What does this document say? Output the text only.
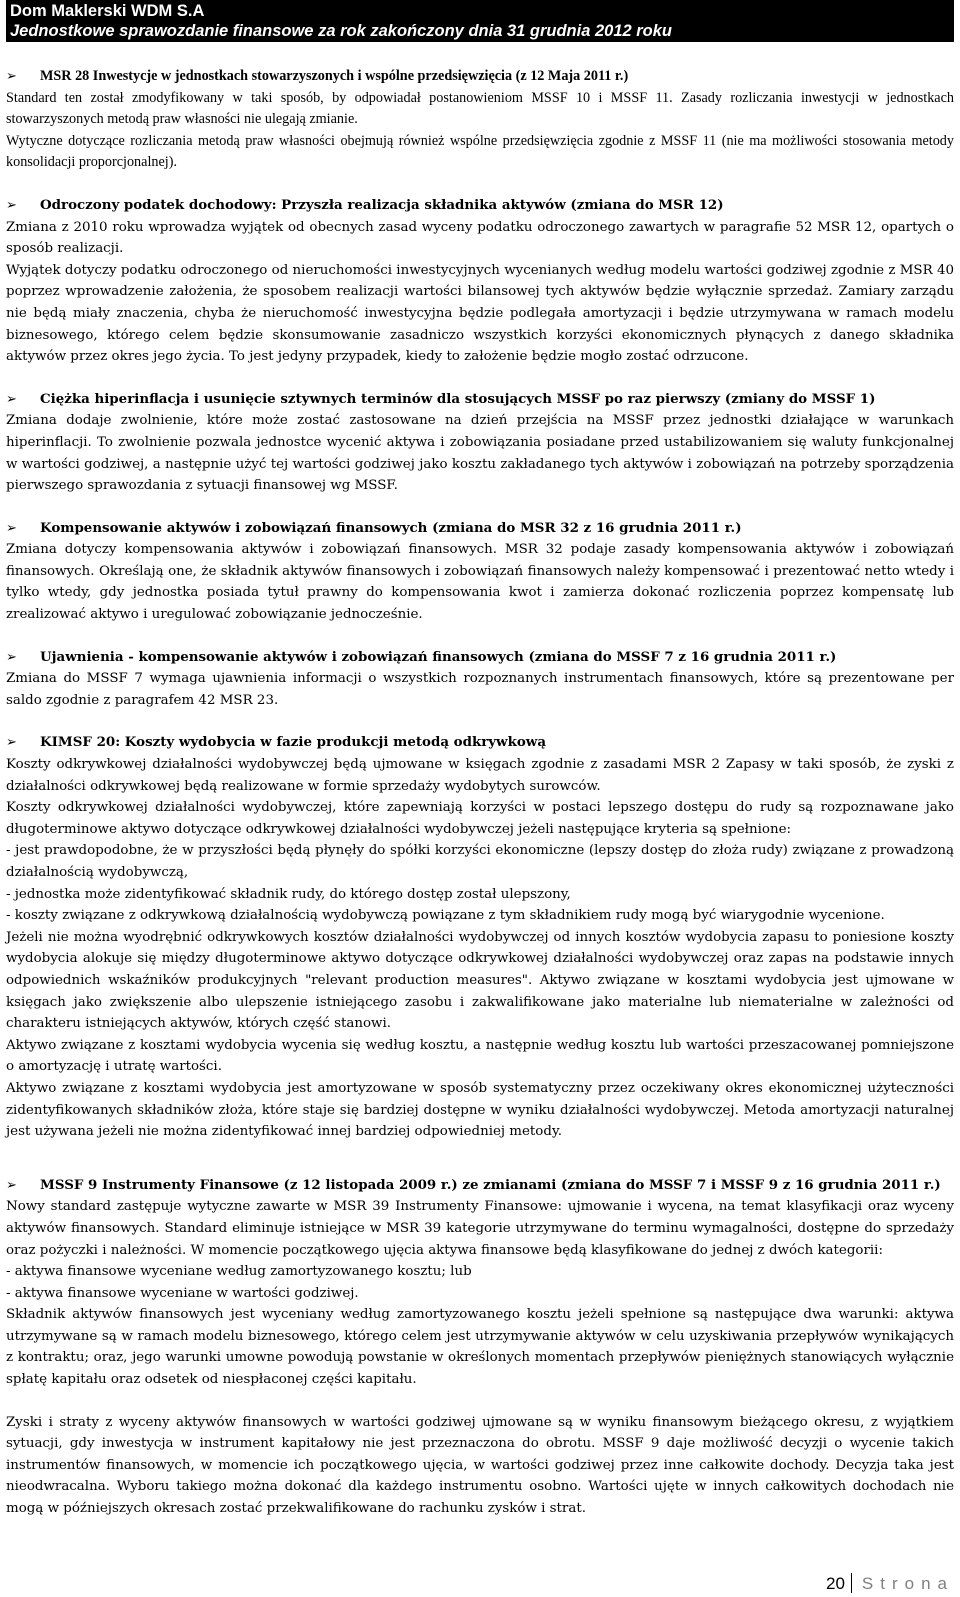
Dom Maklerski WDM S.A
Jednostkowe sprawozdanie finansowe za rok zakończony dnia 31 grudnia 2012 roku

➢ MSR 28 Inwestycje w jednostkach stowarzyszonych i wspólne przedsięwzięcia (z 12 Maja 2011 r.)

Standard ten został zmodyfikowany w taki sposób, by odpowiadał postanowieniom MSSF 10 i MSSF 11. Zasady rozliczania inwestycji w jednostkach stowarzyszonych metodą praw własności nie ulegają zmianie.

Wytyczne dotyczące rozliczania metodą praw własności obejmują również wspólne przedsięwzięcia zgodnie z MSSF 11 (nie ma możliwości stosowania metody konsolidacji proporcjonalnej).

➢ Odroczony podatek dochodowy: Przyszła realizacja składnika aktywów (zmiana do MSR 12)

Zmiana z 2010 roku wprowadza wyjątek od obecnych zasad wyceny podatku odroczonego zawartych w paragrafie 52 MSR 12, opartych o sposób realizacji.

Wyjątek dotyczy podatku odroczonego od nieruchomości inwestycyjnych wycenianych według modelu wartości godziwej zgodnie z MSR 40 poprzez wprowadzenie założenia, że sposobem realizacji wartości bilansowej tych aktywów będzie wyłącznie sprzedaż. Zamiary zarządu nie będą miały znaczenia, chyba że nieruchomość inwestycyjna będzie podlegała amortyzacji i będzie utrzymywana w ramach modelu biznesowego, którego celem będzie skonsumowanie zasadniczo wszystkich korzyści ekonomicznych płynących z danego składnika aktywów przez okres jego życia. To jest jedyny przypadek, kiedy to założenie będzie mogło zostać odrzucone.

➢ Ciężka hiperinflacja i usunięcie sztywnych terminów dla stosujących MSSF po raz pierwszy (zmiany do MSSF 1)

Zmiana dodaje zwolnienie, które może zostać zastosowane na dzień przejścia na MSSF przez jednostki działające w warunkach hiperinflacji. To zwolnienie pozwala jednostce wycenić aktywa i zobowiązania posiadane przed ustabilizowaniem się waluty funkcjonalnej w wartości godziwej, a następnie użyć tej wartości godziwej jako kosztu zakładanego tych aktywów i zobowiązań na potrzeby sporządzenia pierwszego sprawozdania z sytuacji finansowej wg MSSF.

➢ Kompensowanie aktywów i zobowiązań finansowych (zmiana do MSR 32 z 16 grudnia 2011 r.)

Zmiana dotyczy kompensowania aktywów i zobowiązań finansowych. MSR 32 podaje zasady kompensowania aktywów i zobowiązań finansowych. Określają one, że składnik aktywów finansowych i zobowiązań finansowych należy kompensować i prezentować netto wtedy i tylko wtedy, gdy jednostka posiada tytuł prawny do kompensowania kwot i zamierza dokonać rozliczenia poprzez kompensatę lub zrealizować aktywo i uregulować zobowiązanie jednocześnie.

➢ Ujawnienia - kompensowanie aktywów i zobowiązań finansowych (zmiana do MSSF 7 z 16 grudnia 2011 r.)

Zmiana do MSSF 7 wymaga ujawnienia informacji o wszystkich rozpoznanych instrumentach finansowych, które są prezentowane per saldo zgodnie z paragrafem 42 MSR 23.

➢ KIMSF 20: Koszty wydobycia w fazie produkcji metodą odkrywkową

Koszty odkrywkowej działalności wydobywczej będą ujmowane w księgach zgodnie z zasadami MSR 2 Zapasy w taki sposób, że zyski z działalności odkrywkowej będą realizowane w formie sprzedaży wydobytych surowców.

Koszty odkrywkowej działalności wydobywczej, które zapewniają korzyści w postaci lepszego dostępu do rudy są rozpoznawane jako długoterminowe aktywo dotyczące odkrywkowej działalności wydobywczej jeżeli następujące kryteria są spełnione:

- jest prawdopodobne, że w przyszłości będą płynęły do spółki korzyści ekonomiczne (lepszy dostęp do złoża rudy) związane z prowadzoną działalnością wydobywczą,

- jednostka może zidentyfikować składnik rudy, do którego dostęp został ulepszony,

- koszty związane z odkrywkową działalnością wydobywczą powiązane z tym składnikiem rudy mogą być wiarygodnie wycenione.

Jeżeli nie można wyodrębnić odkrywkowych kosztów działalności wydobywczej od innych kosztów wydobycia zapasu to poniesione koszty wydobycia alokuje się między długoterminowe aktywo dotyczące odkrywkowej działalności wydobywczej oraz zapas na podstawie innych odpowiednich wskaźników produkcyjnych "relevant production measures". Aktywo związane w kosztami wydobycia jest ujmowane w księgach jako zwiększenie albo ulepszenie istniejącego zasobu i zakwalifikowane jako materialne lub niematerialne w zależności od charakteru istniejących aktywów, których część stanowi.

Aktywo związane z kosztami wydobycia wycenia się według kosztu, a następnie według kosztu lub wartości przeszacowanej pomniejszone o amortyzację i utratę wartości.

Aktywo związane z kosztami wydobycia jest amortyzowane w sposób systematyczny przez oczekiwany okres ekonomicznej użyteczności zidentyfikowanych składników złoża, które staje się bardziej dostępne w wyniku działalności wydobywczej. Metoda amortyzacji naturalnej jest używana jeżeli nie można zidentyfikować innej bardziej odpowiedniej metody.

➢ MSSF 9 Instrumenty Finansowe (z 12 listopada 2009 r.) ze zmianami (zmiana do MSSF 7 i MSSF 9 z 16 grudnia 2011 r.)

Nowy standard zastępuje wytyczne zawarte w MSR 39 Instrumenty Finansowe: ujmowanie i wycena, na temat klasyfikacji oraz wyceny aktywów finansowych. Standard eliminuje istniejące w MSR 39 kategorie utrzymywane do terminu wymagalności, dostępne do sprzedaży oraz pożyczki i należności. W momencie początkowego ujęcia aktywa finansowe będą klasyfikowane do jednej z dwóch kategorii:

- aktywa finansowe wyceniane według zamortyzowanego kosztu; lub

- aktywa finansowe wyceniane w wartości godziwej.

Składnik aktywów finansowych jest wyceniany według zamortyzowanego kosztu jeżeli spełnione są następujące dwa warunki: aktywa utrzymywane są w ramach modelu biznesowego, którego celem jest utrzymywanie aktywów w celu uzyskiwania przepływów wynikających z kontraktu; oraz, jego warunki umowne powodują powstanie w określonych momentach przepływów pieniężnych stanowiących wyłącznie spłatę kapitału oraz odsetek od niespłaconej części kapitału.

Zyski i straty z wyceny aktywów finansowych w wartości godziwej ujmowane są w wyniku finansowym bieżącego okresu, z wyjątkiem sytuacji, gdy inwestycja w instrument kapitałowy nie jest przeznaczona do obrotu. MSSF 9 daje możliwość decyzji o wycenie takich instrumentów finansowych, w momencie ich początkowego ujęcia, w wartości godziwej przez inne całkowite dochody. Decyzja taka jest nieodwracalna. Wyboru takiego można dokonać dla każdego instrumentu osobno. Wartości ujęte w innych całkowitych dochodach nie mogą w późniejszych okresach zostać przekwalifikowane do rachunku zysków i strat.

20 Strona
